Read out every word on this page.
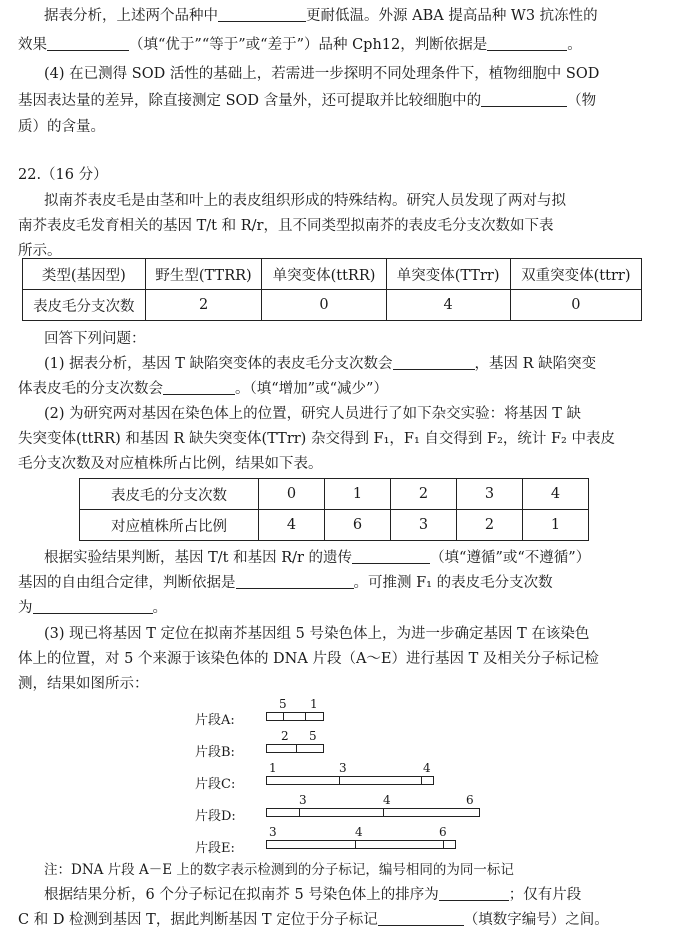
据表分析，上述两个品种中	更耐低温。外源 ABA 提高品种 W3 抗冻性的
效果	（填“优于”“等于”或“差于”）品种 Cph12，判断依据是	。
(4) 在已测得 SOD 活性的基础上，若需进一步探明不同处理条件下，植物细胞中 SOD
基因表达量的差异，除直接测定 SOD 含量外，还可提取并比较细胞中的	（物
质）的含量。
22.（16 分）
拟南芥表皮毛是由茎和叶上的表皮组织形成的特殊结构。研究人员发现了两对与拟
南芥表皮毛发育相关的基因 T/t 和 R/r，且不同类型拟南芥的表皮毛分支次数如下表
所示。
类型(基因型)	野生型(TTRR)	单突变体(ttRR)	单突变体(TTrr)	双重突变体(ttrr)
表皮毛分支次数	2	0	4	0
回答下列问题：
(1) 据表分析，基因 T 缺陷突变体的表皮毛分支次数会	，基因 R 缺陷突变
体表皮毛的分支次数会	。（填“增加”或“减少”）
(2) 为研究两对基因在染色体上的位置，研究人员进行了如下杂交实验：将基因 T 缺
失突变体(ttRR) 和基因 R 缺失突变体(TTrr) 杂交得到 F₁，F₁ 自交得到 F₂，统计 F₂ 中表皮
毛分支次数及对应植株所占比例，结果如下表。
表皮毛的分支次数	0	1	2	3	4
对应植株所占比例	4	6	3	2	1
根据实验结果判断，基因 T/t 和基因 R/r 的遗传	（填“遵循”或“不遵循”）
基因的自由组合定律，判断依据是	。可推测 F₁ 的表皮毛分支次数
为	。
(3) 现已将基因 T 定位在拟南芥基因组 5 号染色体上，为进一步确定基因 T 在该染色
体上的位置，对 5 个来源于该染色体的 DNA 片段（A～E）进行基因 T 及相关分子标记检
测，结果如图所示：
片段A:
5 1
片段B:
2 5
片段C:
1	3	4
片段D:
3	4	6
片段E:
3	4	6
注：DNA 片段 A－E 上的数字表示检测到的分子标记，编号相同的为同一标记
根据结果分析，6 个分子标记在拟南芥 5 号染色体上的排序为	；仅有片段
C 和 D 检测到基因 T，据此判断基因 T 定位于分子标记	（填数字编号）之间。
